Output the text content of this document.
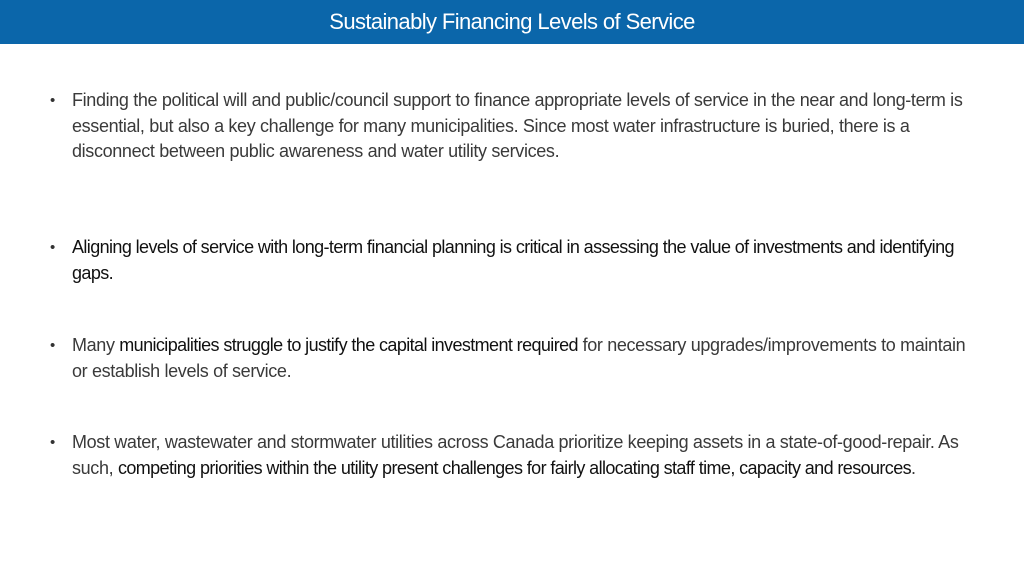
Sustainably Financing Levels of Service
• Finding the political will and public/council support to finance appropriate levels of service in the near and long-term is essential, but also a key challenge for many municipalities. Since most water infrastructure is buried, there is a disconnect between public awareness and water utility services.
• Aligning levels of service with long-term financial planning is critical in assessing the value of investments and identifying gaps.
• Many municipalities struggle to justify the capital investment required for necessary upgrades/improvements to maintain or establish levels of service.
• Most water, wastewater and stormwater utilities across Canada prioritize keeping assets in a state-of-good-repair. As such, competing priorities within the utility present challenges for fairly allocating staff time, capacity and resources.
